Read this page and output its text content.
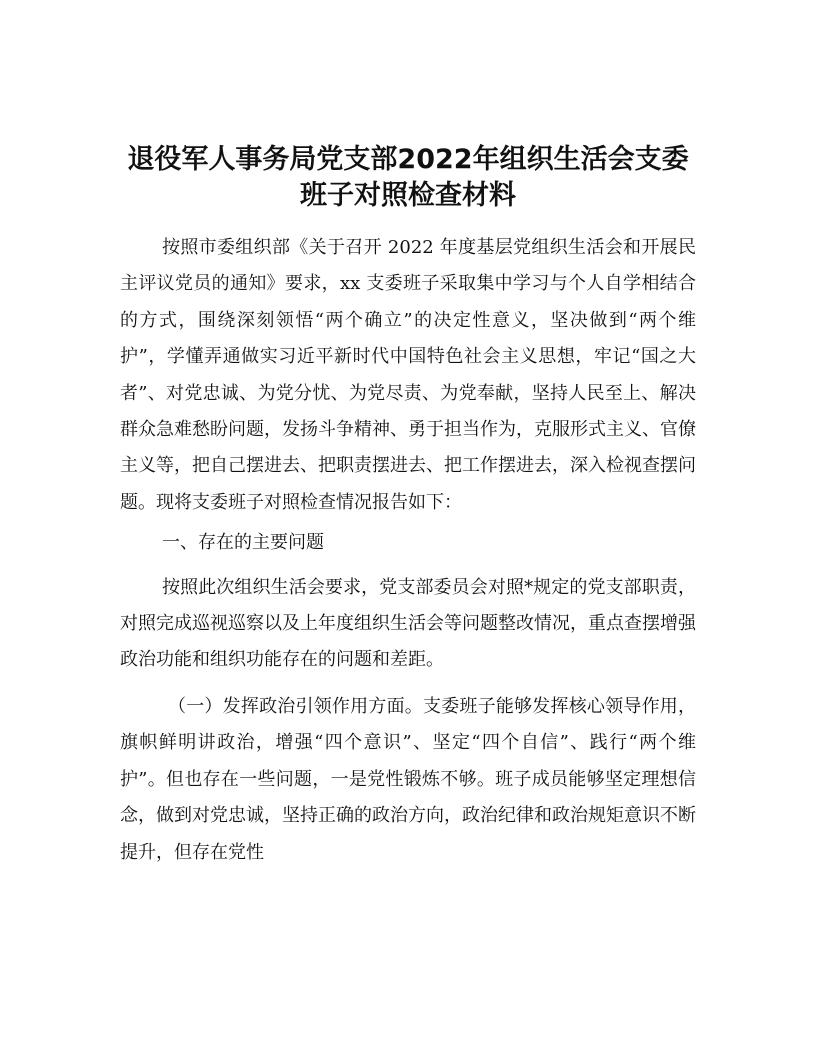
退役军人事务局党支部2022年组织生活会支委
班子对照检查材料

按照市委组织部《关于召开 2022 年度基层党组织生活会和开展民主评议党员的通知》要求，xx 支委班子采取集中学习与个人自学相结合的方式，围绕深刻领悟“两个确立”的决定性意义，坚决做到“两个维护”，学懂弄通做实习近平新时代中国特色社会主义思想，牢记“国之大者”、对党忠诚、为党分忧、为党尽责、为党奉献，坚持人民至上、解决群众急难愁盼问题，发扬斗争精神、勇于担当作为，克服形式主义、官僚主义等，把自己摆进去、把职责摆进去、把工作摆进去，深入检视查摆问题。现将支委班子对照检查情况报告如下：

一、存在的主要问题

按照此次组织生活会要求，党支部委员会对照*规定的党支部职责，对照完成巡视巡察以及上年度组织生活会等问题整改情况，重点查摆增强政治功能和组织功能存在的问题和差距。

（一）发挥政治引领作用方面。支委班子能够发挥核心领导作用，旗帜鲜明讲政治，增强“四个意识”、坚定“四个自信”、践行“两个维护”。但也存在一些问题，一是党性锻炼不够。班子成员能够坚定理想信念，做到对党忠诚，坚持正确的政治方向，政治纪律和政治规矩意识不断提升，但存在党性
